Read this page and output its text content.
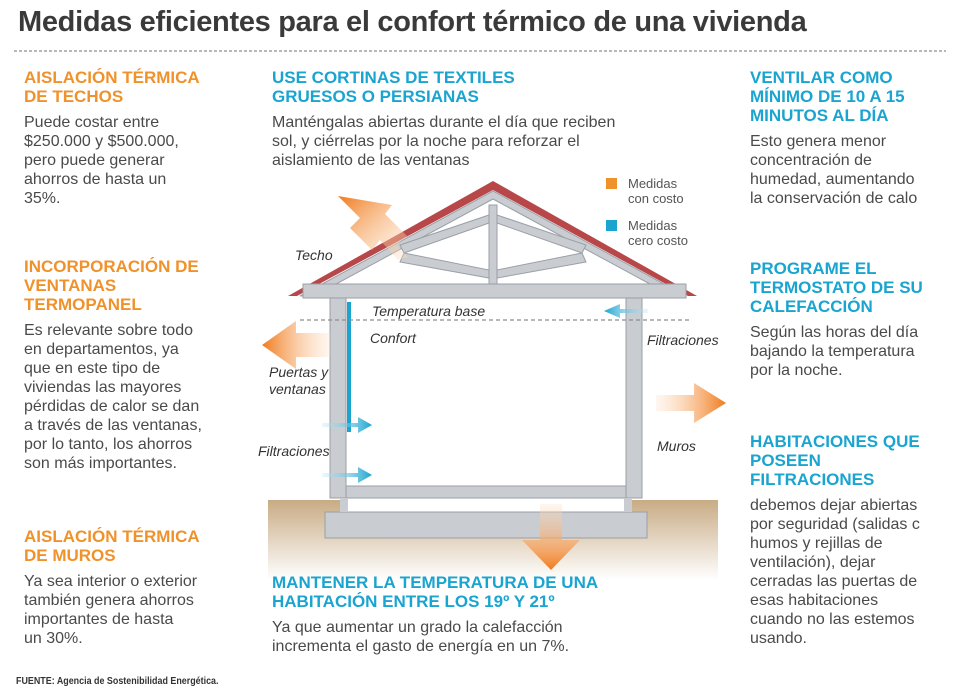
Medidas eficientes para el confort térmico de una vivienda
Techo
Temperatura base
Confort	Filtraciones
Puertas y
ventanas
Filtraciones	Muros
Medidas
con costo
Medidas
cero costo
AISLACIÓN TÉRMICA
DE TECHOS
Puede costar entre
$250.000 y $500.000,
pero puede generar
ahorros de hasta un
35%.
INCORPORACIÓN DE
VENTANAS
TERMOPANEL
Es relevante sobre todo
en departamentos, ya
que en este tipo de
viviendas las mayores
pérdidas de calor se dan
a través de las ventanas,
por lo tanto, los ahorros
son más importantes.
AISLACIÓN TÉRMICA
DE MUROS
Ya sea interior o exterior
también genera ahorros
importantes de hasta
un 30%.
USE CORTINAS DE TEXTILES
GRUESOS O PERSIANAS
Manténgalas abiertas durante el día que reciben
sol, y ciérrelas por la noche para reforzar el
aislamiento de las ventanas
MANTENER LA TEMPERATURA DE UNA
HABITACIÓN ENTRE LOS 19º Y 21º
Ya que aumentar un grado la calefacción
incrementa el gasto de energía en un 7%.
VENTILAR COMO
MÍNIMO DE 10 A 15
MINUTOS AL DÍA
Esto genera menor
concentración de
humedad, aumentando
la conservación de calo
PROGRAME EL
TERMOSTATO DE SU
CALEFACCIÓN
Según las horas del día
bajando la temperatura
por la noche.
HABITACIONES QUE
POSEEN
FILTRACIONES
debemos dejar abiertas
por seguridad (salidas c
humos y rejillas de
ventilación), dejar
cerradas las puertas de
esas habitaciones
cuando no las estemos
usando.
FUENTE: Agencia de Sostenibilidad Energética.
